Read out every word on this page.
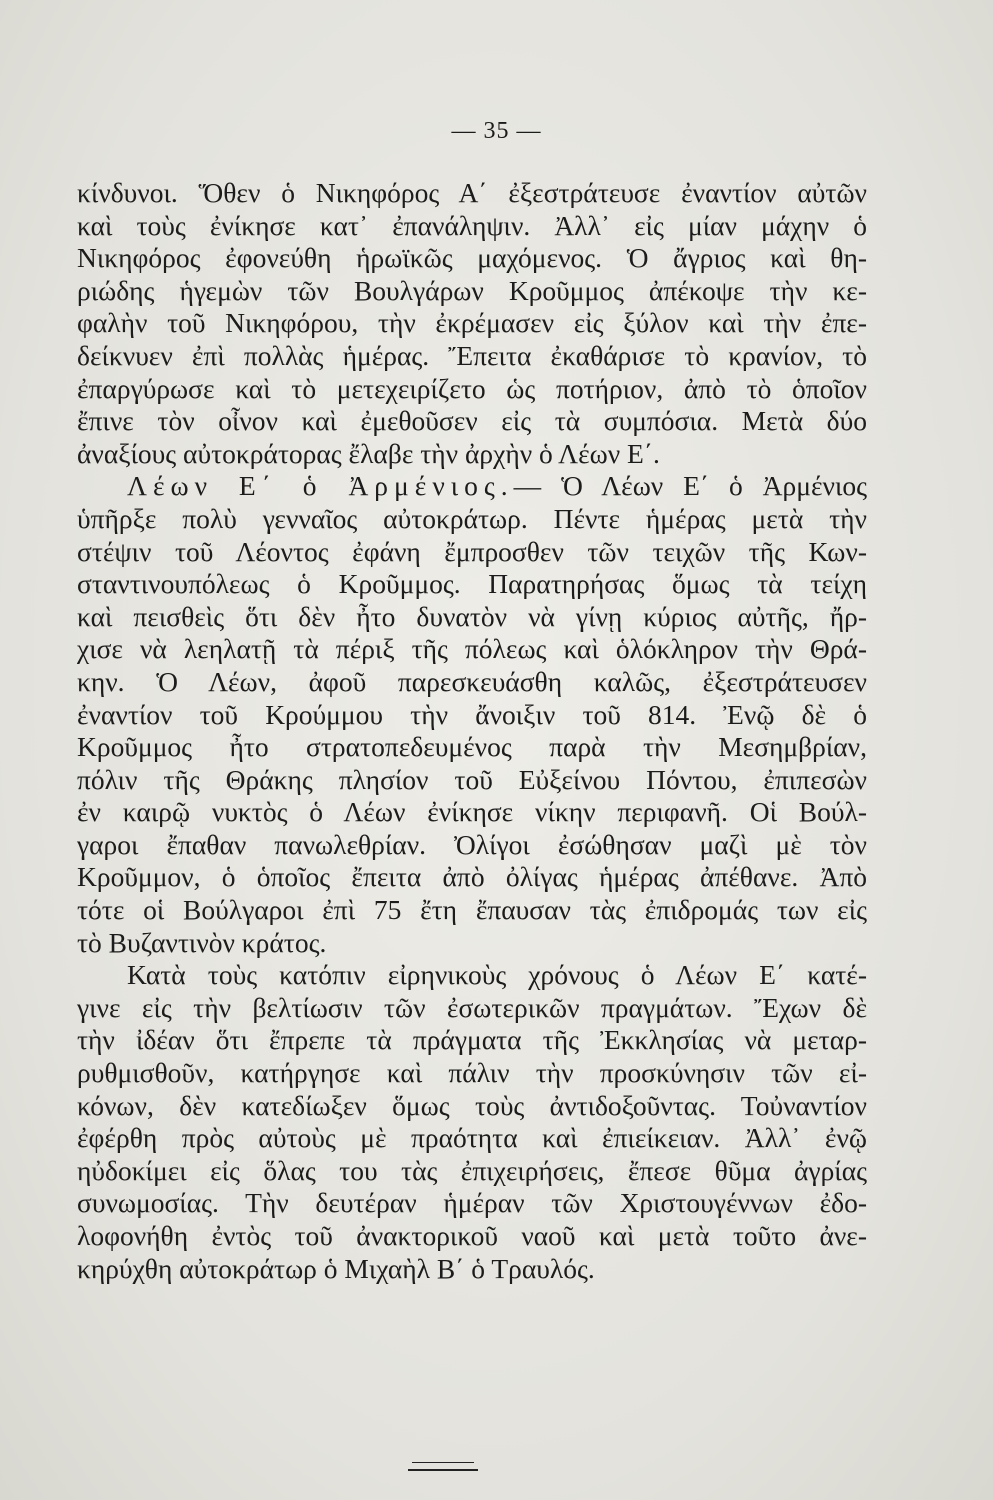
— 35 —
κίνδυνοι. Ὅθεν ὁ Νικηφόρος Α΄ ἐξεστράτευσε ἐναντίον αὐτῶν
καὶ τοὺς ἐνίκησε κατ᾽ ἐπανάληψιν. Ἀλλ᾽ εἰς μίαν μάχην ὁ
Νικηφόρος ἐφονεύθη ἡρωϊκῶς μαχόμενος. Ὁ ἄγριος καὶ θη-
ριώδης ἡγεμὼν τῶν Βουλγάρων Κροῦμμος ἀπέκοψε τὴν κε-
φαλὴν τοῦ Νικηφόρου, τὴν ἐκρέμασεν εἰς ξύλον καὶ τὴν ἐπε-
δείκνυεν ἐπὶ πολλὰς ἡμέρας. Ἔπειτα ἐκαθάρισε τὸ κρανίον, τὸ
ἐπαργύρωσε καὶ τὸ μετεχειρίζετο ὡς ποτήριον, ἀπὸ τὸ ὁποῖον
ἔπινε τὸν οἶνον καὶ ἐμεθοῦσεν εἰς τὰ συμπόσια. Μετὰ δύο
ἀναξίους αὐτοκράτορας ἔλαβε τὴν ἀρχὴν ὁ Λέων Ε΄.
Λέων Ε΄ ὁ Ἀρμένιος.— Ὁ Λέων Ε΄ ὁ Ἀρμένιος
ὑπῆρξε πολὺ γενναῖος αὐτοκράτωρ. Πέντε ἡμέρας μετὰ τὴν
στέψιν τοῦ Λέοντος ἐφάνη ἔμπροσθεν τῶν τειχῶν τῆς Κων-
σταντινουπόλεως ὁ Κροῦμμος. Παρατηρήσας ὅμως τὰ τείχη
καὶ πεισθεὶς ὅτι δὲν ἦτο δυνατὸν νὰ γίνῃ κύριος αὐτῆς, ἤρ-
χισε νὰ λεηλατῇ τὰ πέριξ τῆς πόλεως καὶ ὁλόκληρον τὴν Θρά-
κην. Ὁ Λέων, ἀφοῦ παρεσκευάσθη καλῶς, ἐξεστράτευσεν
ἐναντίον τοῦ Κρούμμου τὴν ἄνοιξιν τοῦ 814. Ἐνῷ δὲ ὁ
Κροῦμμος ἦτο στρατοπεδευμένος παρὰ τὴν Μεσημβρίαν,
πόλιν τῆς Θράκης πλησίον τοῦ Εὐξείνου Πόντου, ἐπιπεσὼν
ἐν καιρῷ νυκτὸς ὁ Λέων ἐνίκησε νίκην περιφανῆ. Οἱ Βούλ-
γαροι ἔπαθαν πανωλεθρίαν. Ὀλίγοι ἐσώθησαν μαζὶ μὲ τὸν
Κροῦμμον, ὁ ὁποῖος ἔπειτα ἀπὸ ὀλίγας ἡμέρας ἀπέθανε. Ἀπὸ
τότε οἱ Βούλγαροι ἐπὶ 75 ἔτη ἔπαυσαν τὰς ἐπιδρομάς των εἰς
τὸ Βυζαντινὸν κράτος.
Κατὰ τοὺς κατόπιν εἰρηνικοὺς χρόνους ὁ Λέων Ε΄ κατέ-
γινε εἰς τὴν βελτίωσιν τῶν ἐσωτερικῶν πραγμάτων. Ἔχων δὲ
τὴν ἰδέαν ὅτι ἔπρεπε τὰ πράγματα τῆς Ἐκκλησίας νὰ μεταρ-
ρυθμισθοῦν, κατήργησε καὶ πάλιν τὴν προσκύνησιν τῶν εἰ-
κόνων, δὲν κατεδίωξεν ὅμως τοὺς ἀντιδοξοῦντας. Τοὐναντίον
ἐφέρθη πρὸς αὐτοὺς μὲ πραότητα καὶ ἐπιείκειαν. Ἀλλ᾽ ἐνῷ
ηὐδοκίμει εἰς ὅλας του τὰς ἐπιχειρήσεις, ἔπεσε θῦμα ἀγρίας
συνωμοσίας. Τὴν δευτέραν ἡμέραν τῶν Χριστουγέννων ἐδο-
λοφονήθη ἐντὸς τοῦ ἀνακτορικοῦ ναοῦ καὶ μετὰ τοῦτο ἀνε-
κηρύχθη αὐτοκράτωρ ὁ Μιχαὴλ Β΄ ὁ Τραυλός.
